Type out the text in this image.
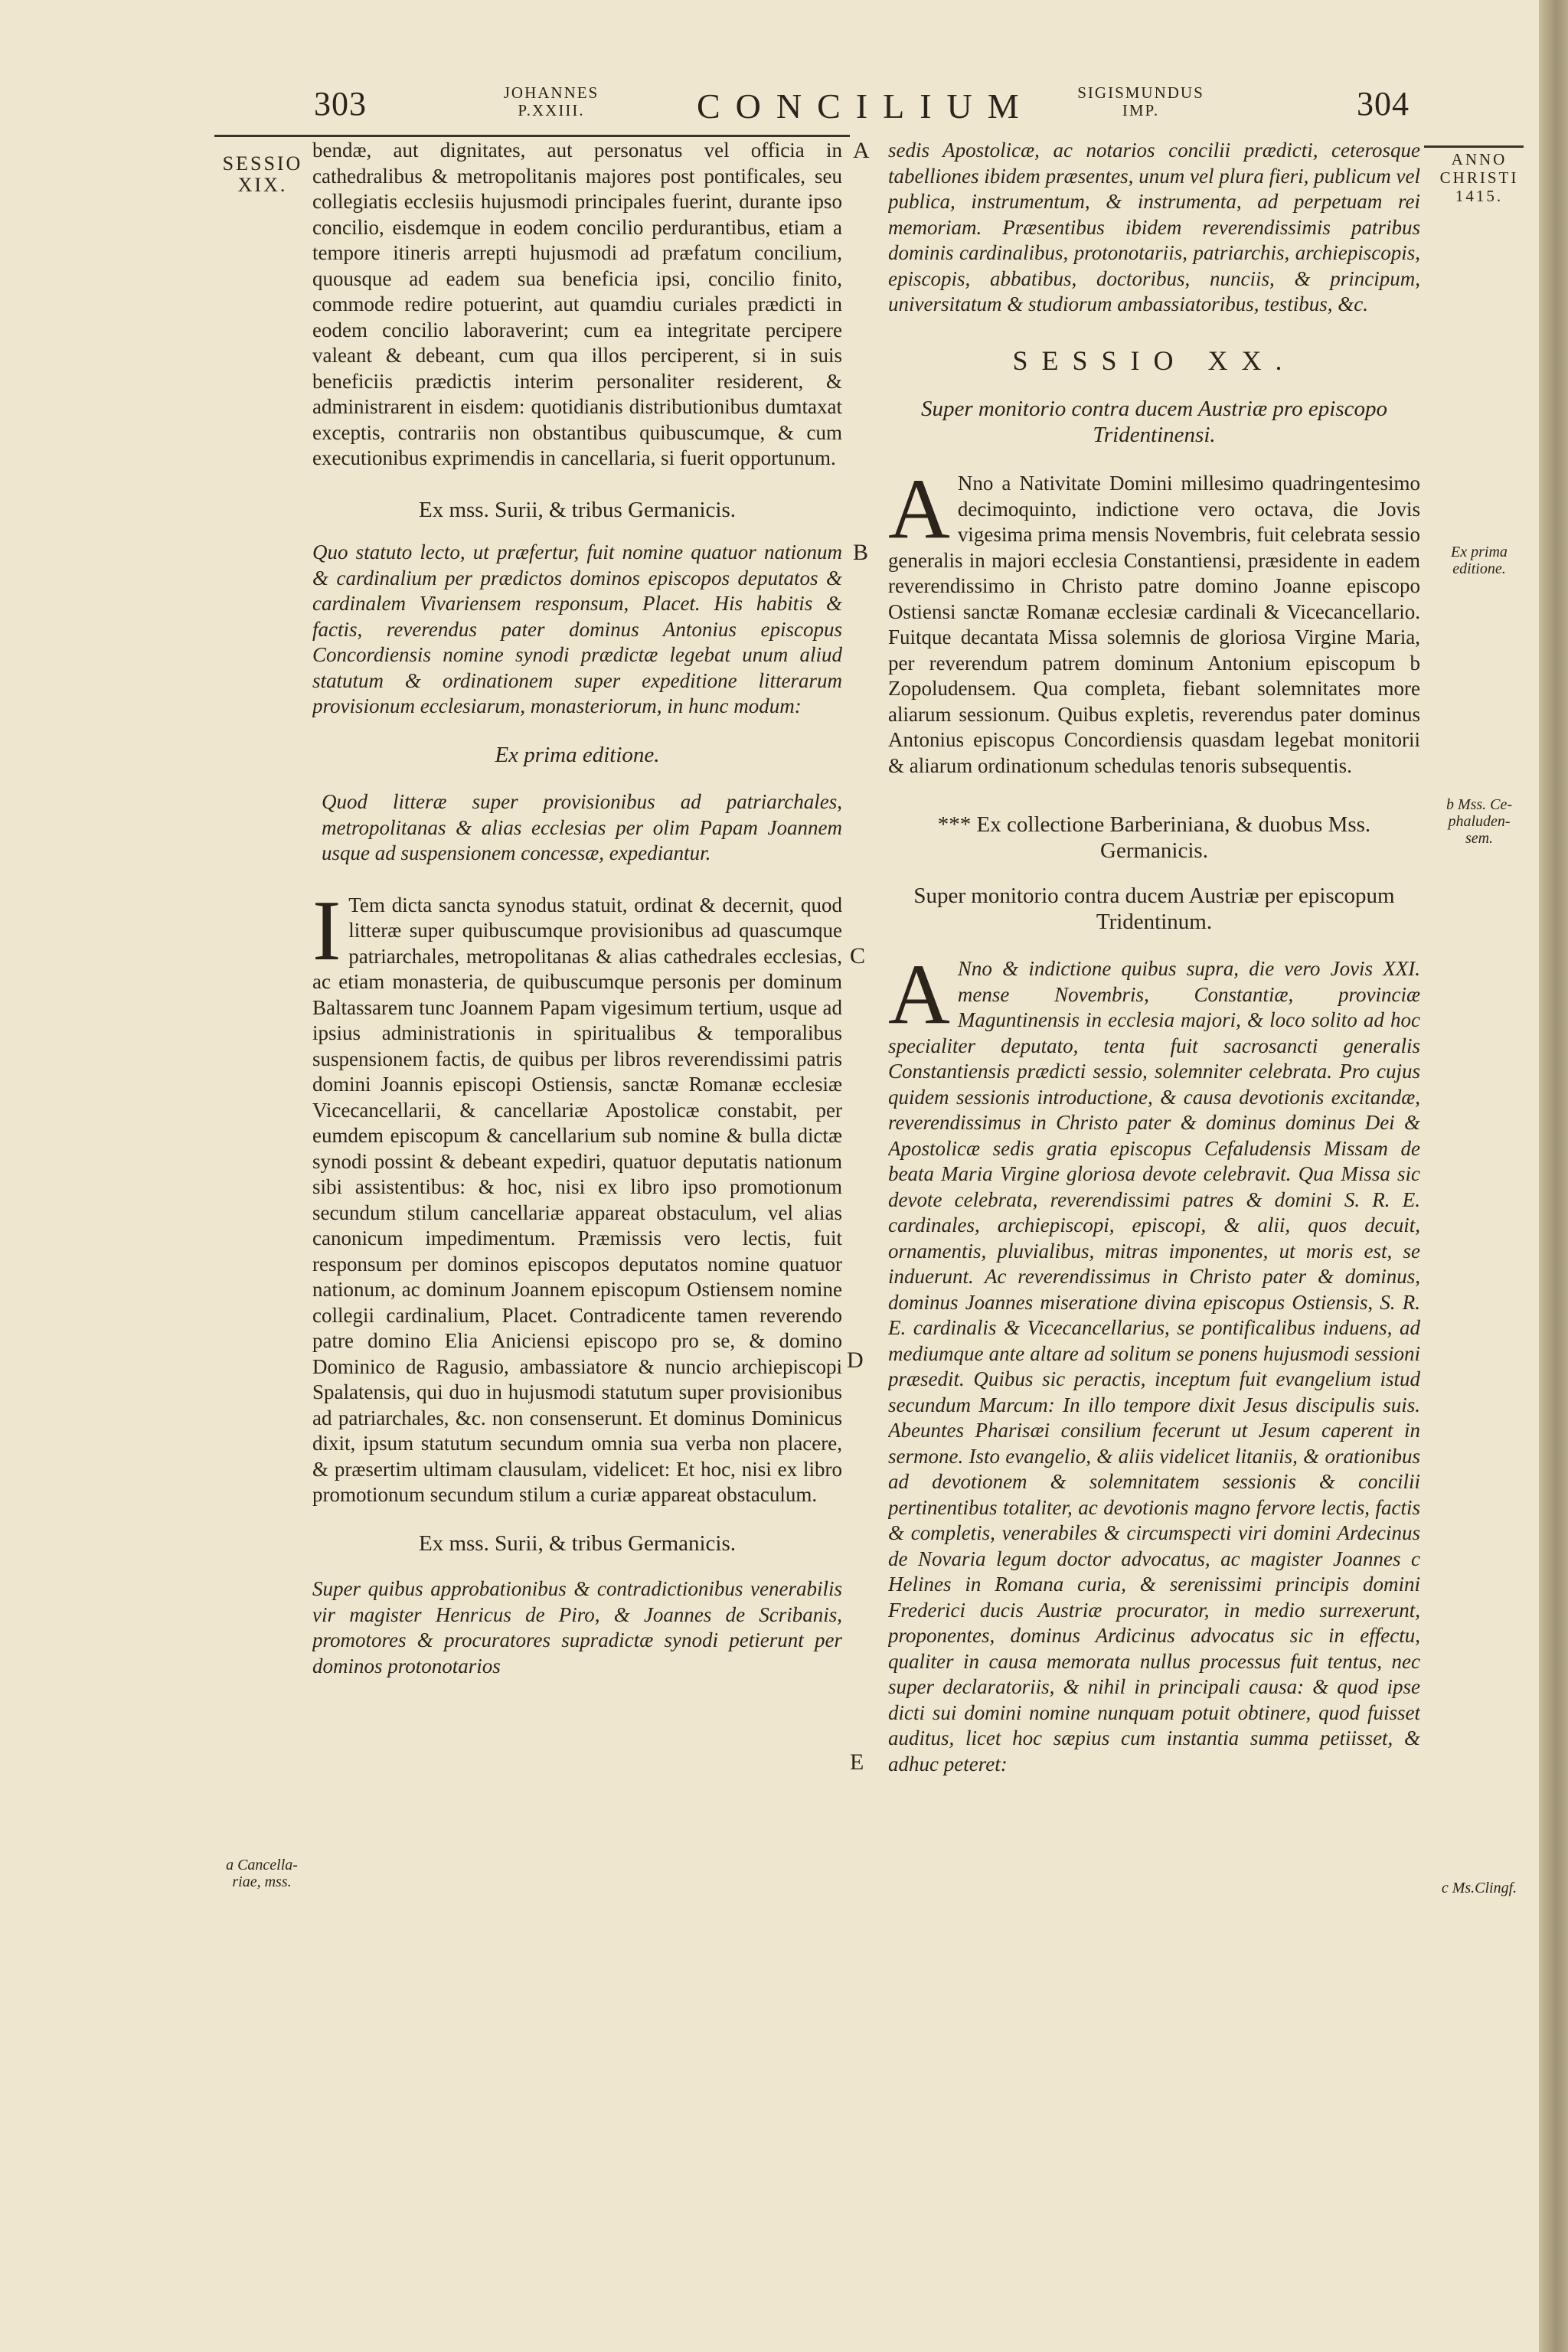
303	JOHANNES
P.XXIII.	CONCILIUM	SIGISMUNDUS
IMP.	304
SESSIO XIX.
a Cancella-
riae, mss.
A
B
C
D
E
ANNO
CHRISTI
1415.
Ex prima
editione.
b Mss. Ce-
phaluden-
sem.
c Ms.Clingf.

bendæ, aut dignitates, aut personatus vel officia in cathedralibus & metropolitanis majores post pontificales, seu collegiatis ecclesiis hujusmodi principales fuerint, durante ipso concilio, eisdemque in eodem concilio perdurantibus, etiam a tempore itineris arrepti hujusmodi ad præfatum concilium, quousque ad eadem sua beneficia ipsi, concilio finito, commode redire potuerint, aut quamdiu curiales prædicti in eodem concilio laboraverint; cum ea integritate percipere valeant & debeant, cum qua illos perciperent, si in suis beneficiis prædictis interim personaliter residerent, & administrarent in eisdem: quotidianis distributionibus dumtaxat exceptis, contrariis non obstantibus quibuscumque, & cum executionibus exprimendis in cancellaria, si fuerit opportunum.

Ex mss. Surii, & tribus Germanicis.

Quo statuto lecto, ut præfertur, fuit nomine quatuor nationum & cardinalium per prædictos dominos episcopos deputatos & cardinalem Vivariensem responsum, Placet. His habitis & factis, reverendus pater dominus Antonius episcopus Concordiensis nomine synodi prædictæ legebat unum aliud statutum & ordinationem super expeditione litterarum provisionum ecclesiarum, monasteriorum, in hunc modum:

Ex prima editione.

Quod litteræ super provisionibus ad patriarchales, metropolitanas & alias ecclesias per olim Papam Joannem usque ad suspensionem concessæ, expediantur.

I Tem dicta sancta synodus statuit, ordinat & decernit, quod litteræ super quibuscumque provisionibus ad quascumque patriarchales, metropolitanas & alias cathedrales ecclesias, ac etiam monasteria, de quibuscumque personis per dominum Baltassarem tunc Joannem Papam vigesimum tertium, usque ad ipsius administrationis in spiritualibus & temporalibus suspensionem factis, de quibus per libros reverendissimi patris domini Joannis episcopi Ostiensis, sanctæ Romanæ ecclesiæ Vicecancellarii, & cancellariæ Apostolicæ constabit, per eumdem episcopum & cancellarium sub nomine & bulla dictæ synodi possint & debeant expediri, quatuor deputatis nationum sibi assistentibus: & hoc, nisi ex libro ipso promotionum secundum stilum cancellariæ appareat obstaculum, vel alias canonicum impedimentum. Præmissis vero lectis, fuit responsum per dominos episcopos deputatos nomine quatuor nationum, ac dominum Joannem episcopum Ostiensem nomine collegii cardinalium, Placet. Contradicente tamen reverendo patre domino Elia Aniciensi episcopo pro se, & domino Dominico de Ragusio, ambassiatore & nuncio archiepiscopi Spalatensis, qui duo in hujusmodi statutum super provisionibus ad patriarchales, &c. non consenserunt. Et dominus Dominicus dixit, ipsum statutum secundum omnia sua verba non placere, & præsertim ultimam clausulam, videlicet: Et hoc, nisi ex libro promotionum secundum stilum a curiæ appareat obstaculum.

Ex mss. Surii, & tribus Germanicis.

Super quibus approbationibus & contradictionibus venerabilis vir magister Henricus de Piro, & Joannes de Scribanis, promotores & procuratores supradictæ synodi petierunt per dominos protonotarios

sedis Apostolicæ, ac notarios concilii prædicti, ceterosque tabelliones ibidem præsentes, unum vel plura fieri, publicum vel publica, instrumentum, & instrumenta, ad perpetuam rei memoriam. Præsentibus ibidem reverendissimis patribus dominis cardinalibus, protonotariis, patriarchis, archiepiscopis, episcopis, abbatibus, doctoribus, nunciis, & principum, universitatum & studiorum ambassiatoribus, testibus, &c.

SESSIO XX.

Super monitorio contra ducem Austriæ pro episcopo Tridentinensi.

A Nno a Nativitate Domini millesimo quadringentesimo decimoquinto, indictione vero octava, die Jovis vigesima prima mensis Novembris, fuit celebrata sessio generalis in majori ecclesia Constantiensi, præsidente in eadem reverendissimo in Christo patre domino Joanne episcopo Ostiensi sanctæ Romanæ ecclesiæ cardinali & Vicecancellario. Fuitque decantata Missa solemnis de gloriosa Virgine Maria, per reverendum patrem dominum Antonium episcopum b Zopoludensem. Qua completa, fiebant solemnitates more aliarum sessionum. Quibus expletis, reverendus pater dominus Antonius episcopus Concordiensis quasdam legebat monitorii & aliarum ordinationum schedulas tenoris subsequentis.

*** Ex collectione Barberiniana, & duobus Mss. Germanicis.

Super monitorio contra ducem Austriæ per episcopum Tridentinum.

A Nno & indictione quibus supra, die vero Jovis XXI. mense Novembris, Constantiæ, provinciæ Maguntinensis in ecclesia majori, & loco solito ad hoc specialiter deputato, tenta fuit sacrosancti generalis Constantiensis prædicti sessio, solemniter celebrata. Pro cujus quidem sessionis introductione, & causa devotionis excitandæ, reverendissimus in Christo pater & dominus dominus Dei & Apostolicæ sedis gratia episcopus Cefaludensis Missam de beata Maria Virgine gloriosa devote celebravit. Qua Missa sic devote celebrata, reverendissimi patres & domini S. R. E. cardinales, archiepiscopi, episcopi, & alii, quos decuit, ornamentis, pluvialibus, mitras imponentes, ut moris est, se induerunt. Ac reverendissimus in Christo pater & dominus, dominus Joannes miseratione divina episcopus Ostiensis, S. R. E. cardinalis & Vicecancellarius, se pontificalibus induens, ad mediumque ante altare ad solitum se ponens hujusmodi sessioni præsedit. Quibus sic peractis, inceptum fuit evangelium istud secundum Marcum: In illo tempore dixit Jesus discipulis suis. Abeuntes Pharisæi consilium fecerunt ut Jesum caperent in sermone. Isto evangelio, & aliis videlicet litaniis, & orationibus ad devotionem & solemnitatem sessionis & concilii pertinentibus totaliter, ac devotionis magno fervore lectis, factis & completis, venerabiles & circumspecti viri domini Ardecinus de Novaria legum doctor advocatus, ac magister Joannes c Helines in Romana curia, & serenissimi principis domini Frederici ducis Austriæ procurator, in medio surrexerunt, proponentes, dominus Ardicinus advocatus sic in effectu, qualiter in causa memorata nullus processus fuit tentus, nec super declaratoriis, & nihil in principali causa: & quod ipse dicti sui domini nomine nunquam potuit obtinere, quod fuisset auditus, licet hoc sæpius cum instantia summa petiisset, & adhuc peteret:
